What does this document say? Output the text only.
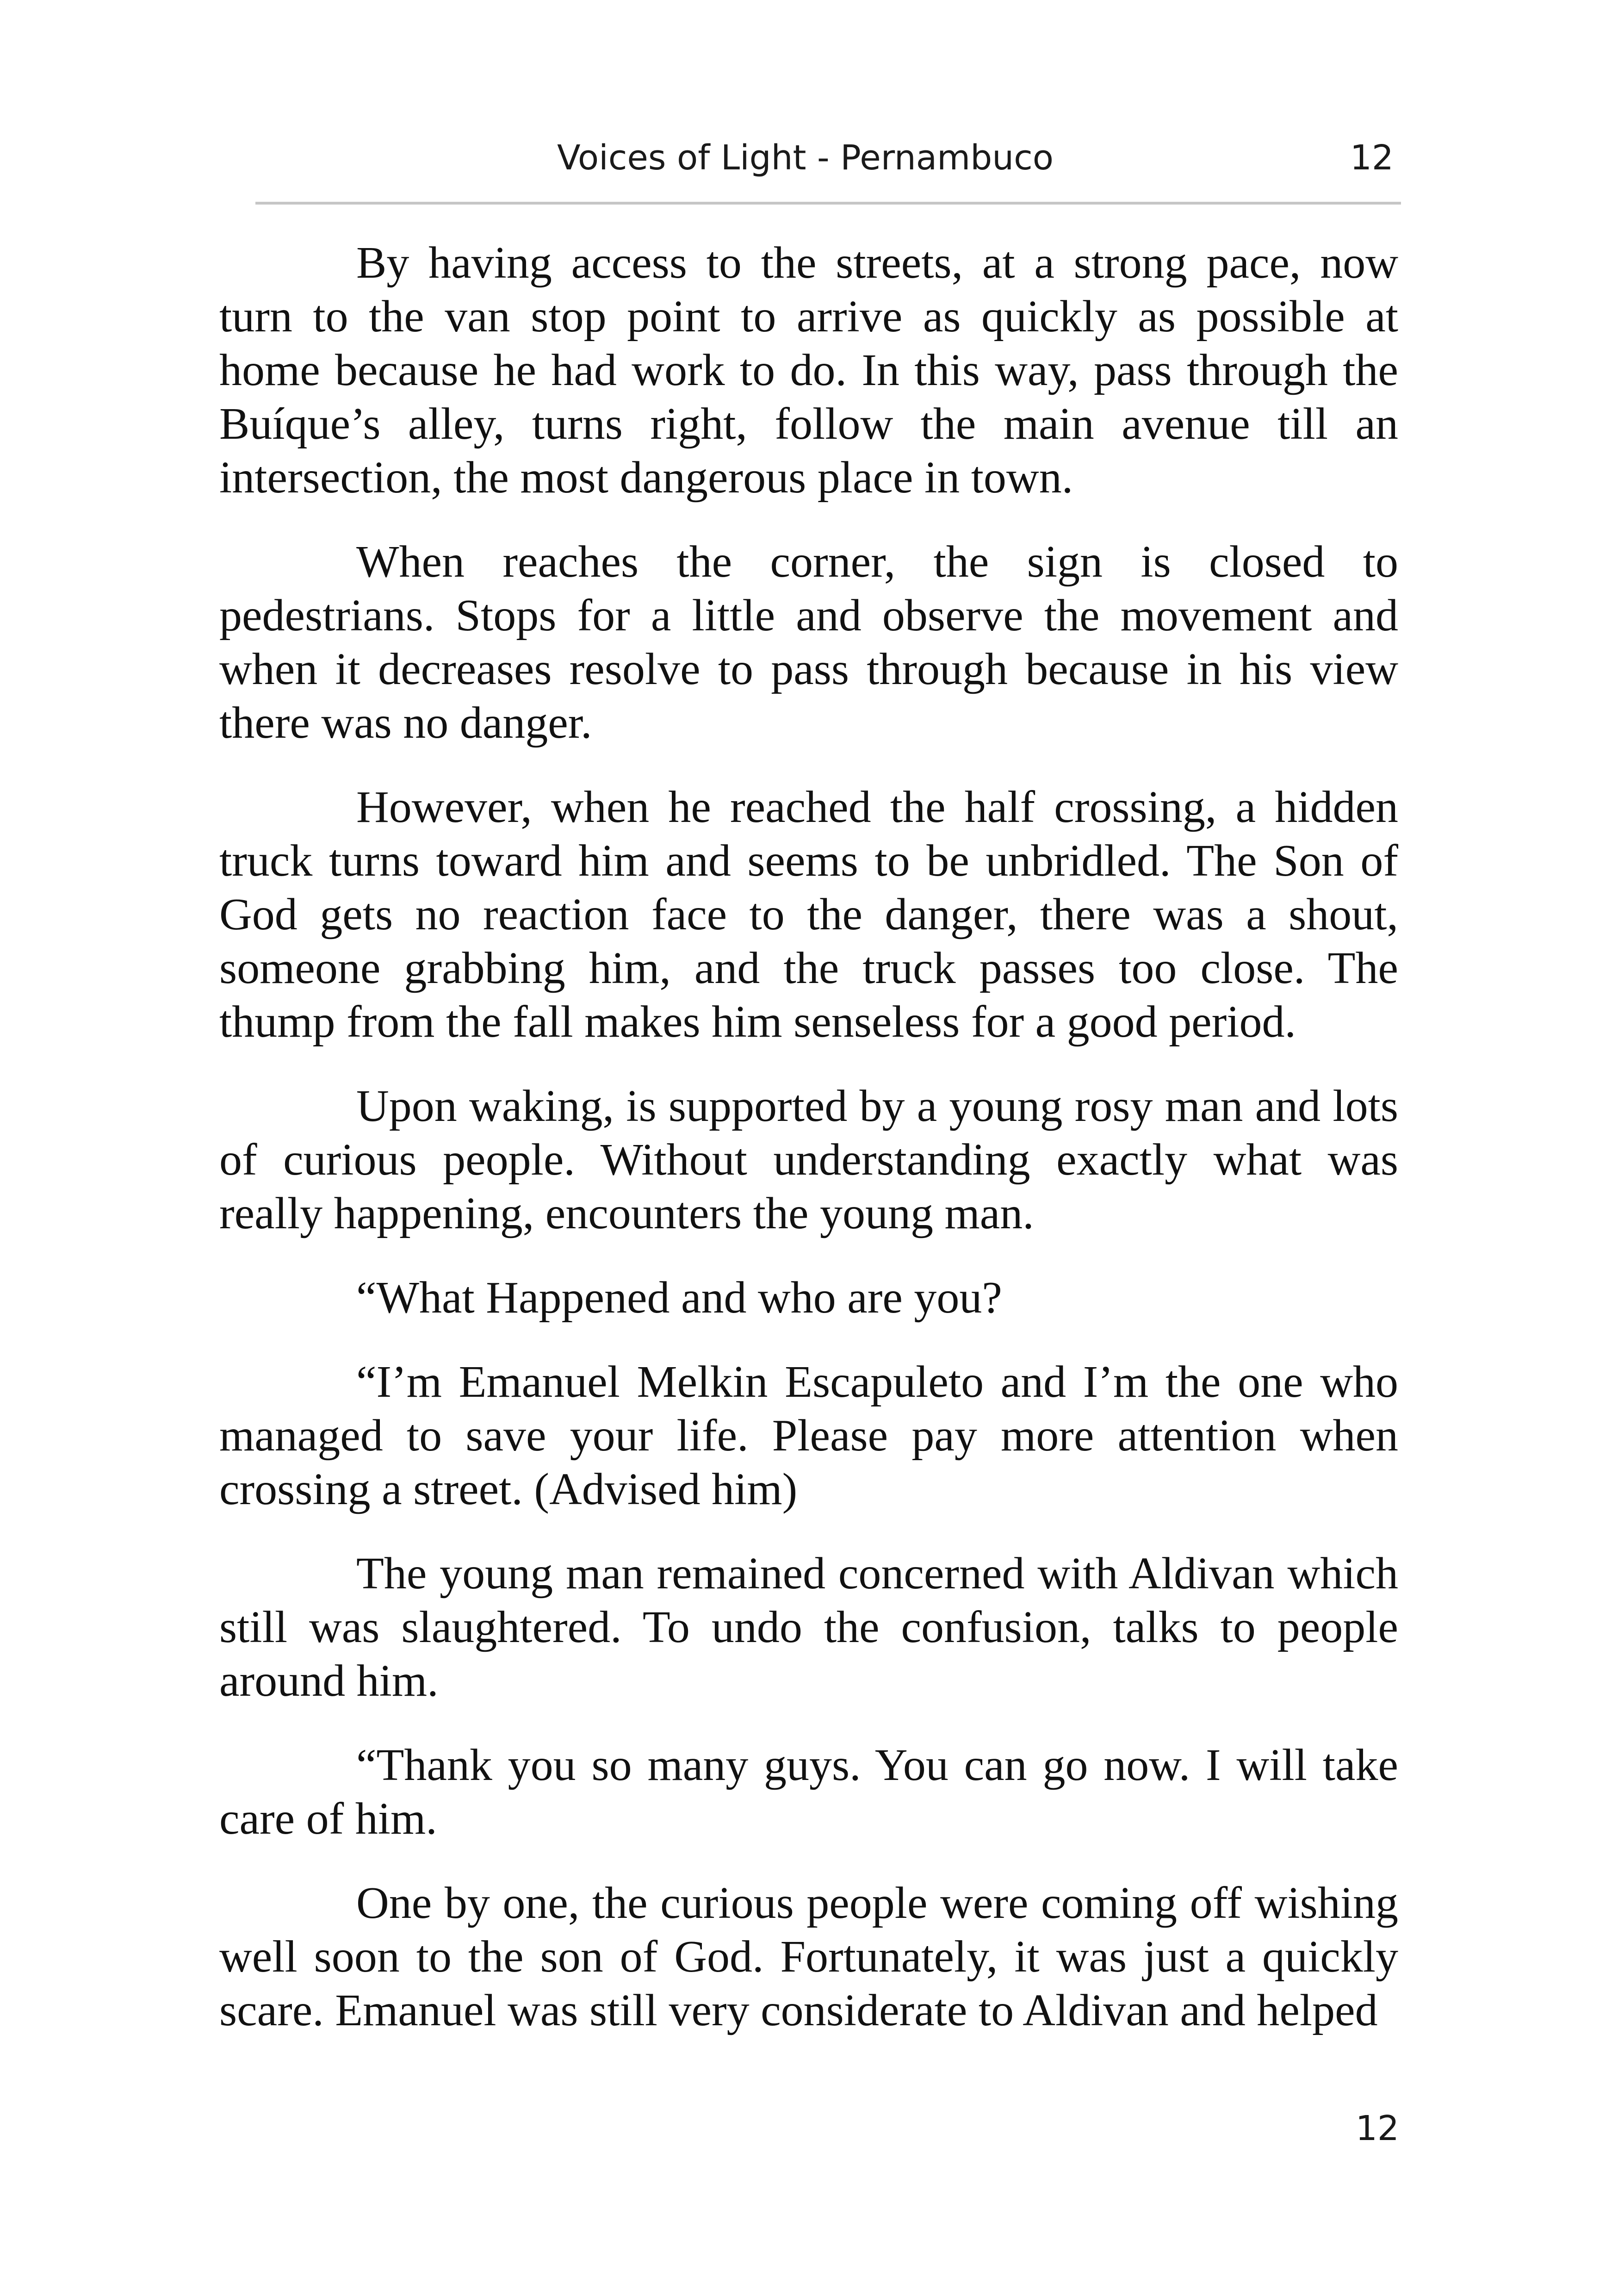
Voices of Light - Pernambuco	12

By having access to the streets, at a strong pace, now turn to the van stop point to arrive as quickly as possible at home because he had work to do. In this way, pass through the Buíque’s alley, turns right, follow the main avenue till an intersection, the most dangerous place in town.

When reaches the corner, the sign is closed to pedestrians. Stops for a little and observe the movement and when it decreases resolve to pass through because in his view there was no danger.

However, when he reached the half crossing, a hidden truck turns toward him and seems to be unbridled. The Son of God gets no reaction face to the danger, there was a shout, someone grabbing him, and the truck passes too close. The thump from the fall makes him senseless for a good period.

Upon waking, is supported by a young rosy man and lots of curious people. Without understanding exactly what was really happening, encounters the young man.

“What Happened and who are you?

“I’m Emanuel Melkin Escapuleto and I’m the one who managed to save your life. Please pay more attention when crossing a street. (Advised him)

The young man remained concerned with Aldivan which still was slaughtered. To undo the confusion, talks to people around him.

“Thank you so many guys. You can go now. I will take care of him.

One by one, the curious people were coming off wishing well soon to the son of God. Fortunately, it was just a quickly scare. Emanuel was still very considerate to Aldivan and helped

12
